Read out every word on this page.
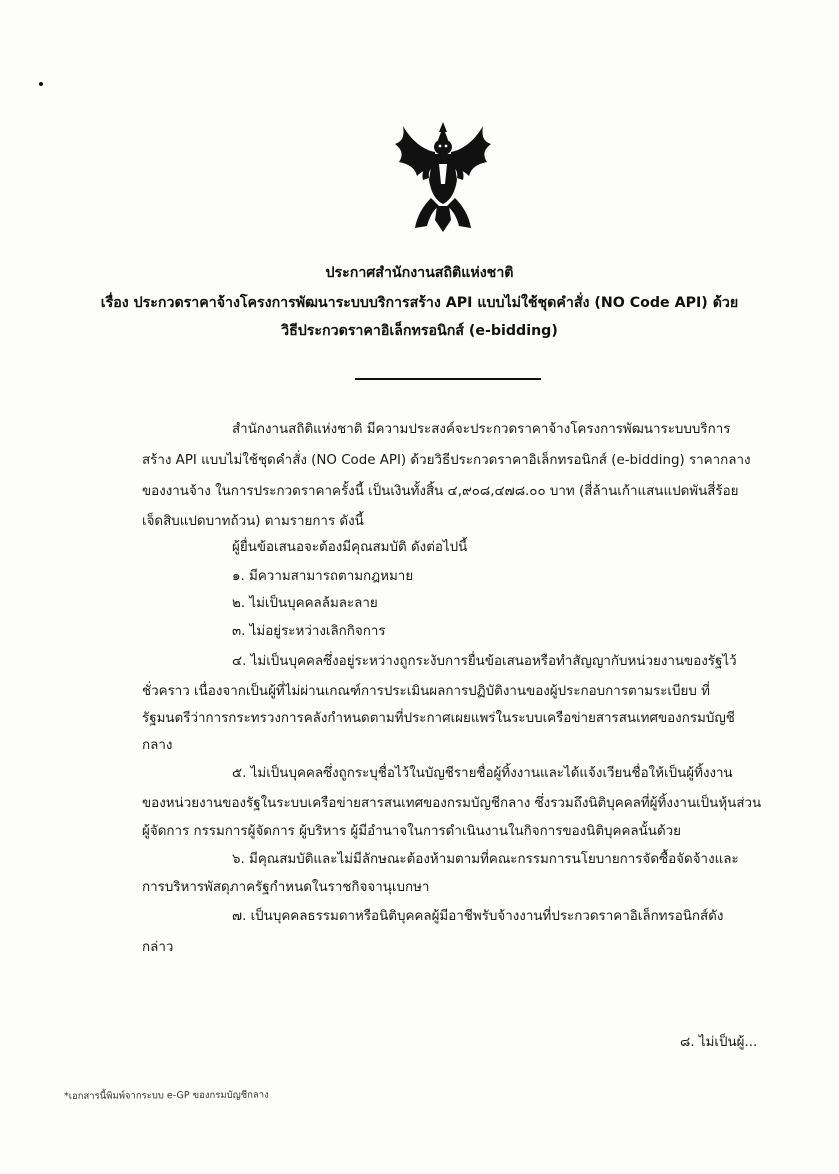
ประกาศสำนักงานสถิติแห่งชาติ
เรื่อง ประกวดราคาจ้างโครงการพัฒนาระบบบริการสร้าง API แบบไม่ใช้ชุดคำสั่ง (NO Code API) ด้วย
วิธีประกวดราคาอิเล็กทรอนิกส์ (e-bidding)
สำนักงานสถิติแห่งชาติ มีความประสงค์จะประกวดราคาจ้างโครงการพัฒนาระบบบริการ
สร้าง API แบบไม่ใช้ชุดคำสั่ง (NO Code API) ด้วยวิธีประกวดราคาอิเล็กทรอนิกส์ (e-bidding) ราคากลาง
ของงานจ้าง ในการประกวดราคาครั้งนี้ เป็นเงินทั้งสิ้น ๔,๙๐๘,๔๗๘.๐๐ บาท (สี่ล้านเก้าแสนแปดพันสี่ร้อย
เจ็ดสิบแปดบาทถ้วน) ตามรายการ ดังนี้
ผู้ยื่นข้อเสนอจะต้องมีคุณสมบัติ ดังต่อไปนี้
๑. มีความสามารถตามกฎหมาย
๒. ไม่เป็นบุคคลล้มละลาย
๓. ไม่อยู่ระหว่างเลิกกิจการ
๔. ไม่เป็นบุคคลซึ่งอยู่ระหว่างถูกระงับการยื่นข้อเสนอหรือทำสัญญากับหน่วยงานของรัฐไว้
ชั่วคราว เนื่องจากเป็นผู้ที่ไม่ผ่านเกณฑ์การประเมินผลการปฏิบัติงานของผู้ประกอบการตามระเบียบ ที่
รัฐมนตรีว่าการกระทรวงการคลังกำหนดตามที่ประกาศเผยแพร่ในระบบเครือข่ายสารสนเทศของกรมบัญชี
กลาง
๕. ไม่เป็นบุคคลซึ่งถูกระบุชื่อไว้ในบัญชีรายชื่อผู้ทิ้งงานและได้แจ้งเวียนชื่อให้เป็นผู้ทิ้งงาน
ของหน่วยงานของรัฐในระบบเครือข่ายสารสนเทศของกรมบัญชีกลาง ซึ่งรวมถึงนิติบุคคลที่ผู้ทิ้งงานเป็นหุ้นส่วน
ผู้จัดการ กรรมการผู้จัดการ ผู้บริหาร ผู้มีอำนาจในการดำเนินงานในกิจการของนิติบุคคลนั้นด้วย
๖. มีคุณสมบัติและไม่มีลักษณะต้องห้ามตามที่คณะกรรมการนโยบายการจัดซื้อจัดจ้างและ
การบริหารพัสดุภาครัฐกำหนดในราชกิจจานุเบกษา
๗. เป็นบุคคลธรรมดาหรือนิติบุคคลผู้มีอาชีพรับจ้างงานที่ประกวดราคาอิเล็กทรอนิกส์ดัง
กล่าว
๘. ไม่เป็นผู้...
*เอกสารนี้พิมพ์จากระบบ e-GP ของกรมบัญชีกลาง
